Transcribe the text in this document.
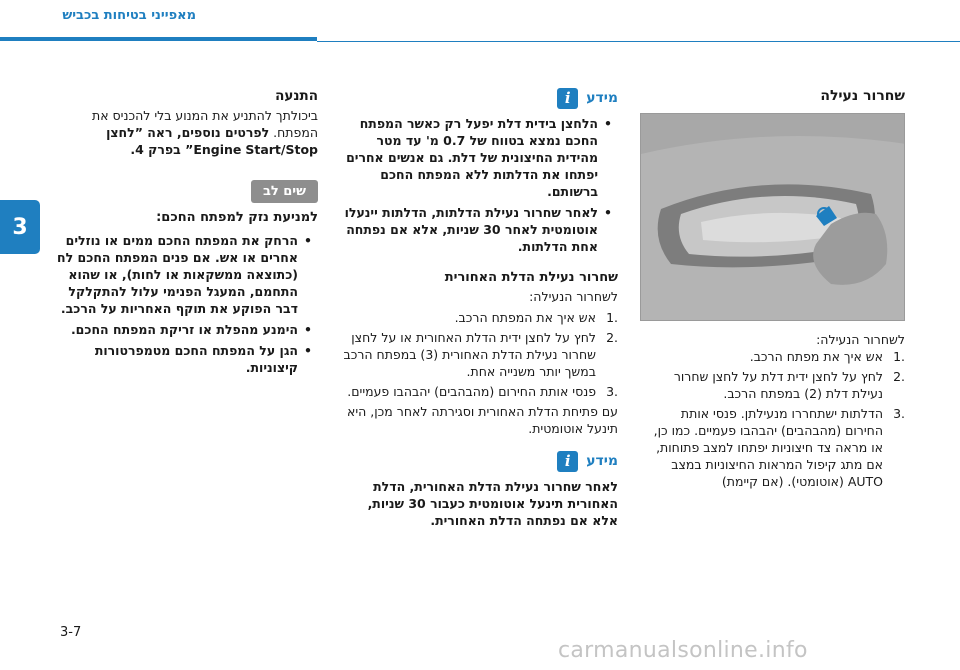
מאפייני בטיחות בכביש
3
שחרור נעילה
לשחרור הנעילה:
1.
אש איך את מפתח הרכב.
2.
לחץ על לחצן ידית דלת על לחצן שחרור נעילת דלת (2) במפתח הרכב.
3.
הדלתות ישתחררו מנעילתן. פנסי אותת החירום (מהבהבים) יהבהבו פעמיים. כמו כן, או מראה צד חיצוניות יפתחו למצב פתוחות, אם מתג קיפול המראות החיצוניות במצב AUTO (אוטומטי). (אם קיימת)
מידע
i
•
הלחצן בידית דלת יפעל רק כאשר המפתח החכם נמצא בטווח של 0.7 מ' עד מטר מהידית החיצונית של דלת. גם אנשים אחרים יפתחו את הדלתות ללא המפתח החכם ברשותם.
•
לאחר שחרור נעילת הדלתות, הדלתות יינעלו אוטומטית לאחר 30 שניות, אלא אם נפתחה אחת הדלתות.
שחרור נעילת הדלת האחורית
לשחרור הנעילה:
1.
אש איך את המפתח הרכב.
2.
לחץ על לחצן ידית הדלת האחורית או על לחצן שחרור נעילת הדלת האחורית (3) במפתח הרכב במשך יותר משנייה אחת.
3.
פנסי אותת החירום (מהבהבים) יהבהבו פעמיים.
עם פתיחת הדלת האחורית וסגירתה לאחר מכן, היא תינעל אוטומטית.
מידע
i
לאחר שחרור נעילת הדלת האחורית, הדלת האחורית תינעל אוטומטית כעבור 30 שניות, אלא אם נפתחה הדלת האחורית.
התנעה
ביכולתך להתניע את המנוע בלי להכניס את המפתח. לפרטים נוספים, ראה ”לחצן Engine Start/Stop” בפרק 4.
שים לב
למניעת נזק למפתח החכם:
•
הרחק את המפתח החכם ממים או נוזלים אחרים או אש. אם פנים המפתח החכם לח (כתוצאה ממשקאות או לחות), או שהוא התחמם, המעגל הפנימי עלול להתקלקל דבר הפוקע את תוקף האחריות על הרכב.
•
הימנע מהפלת או זריקת המפתח החכם.
•
הגן על המפתח החכם מטמפרטורות קיצוניות.
3-7
carmanualsonline.info
